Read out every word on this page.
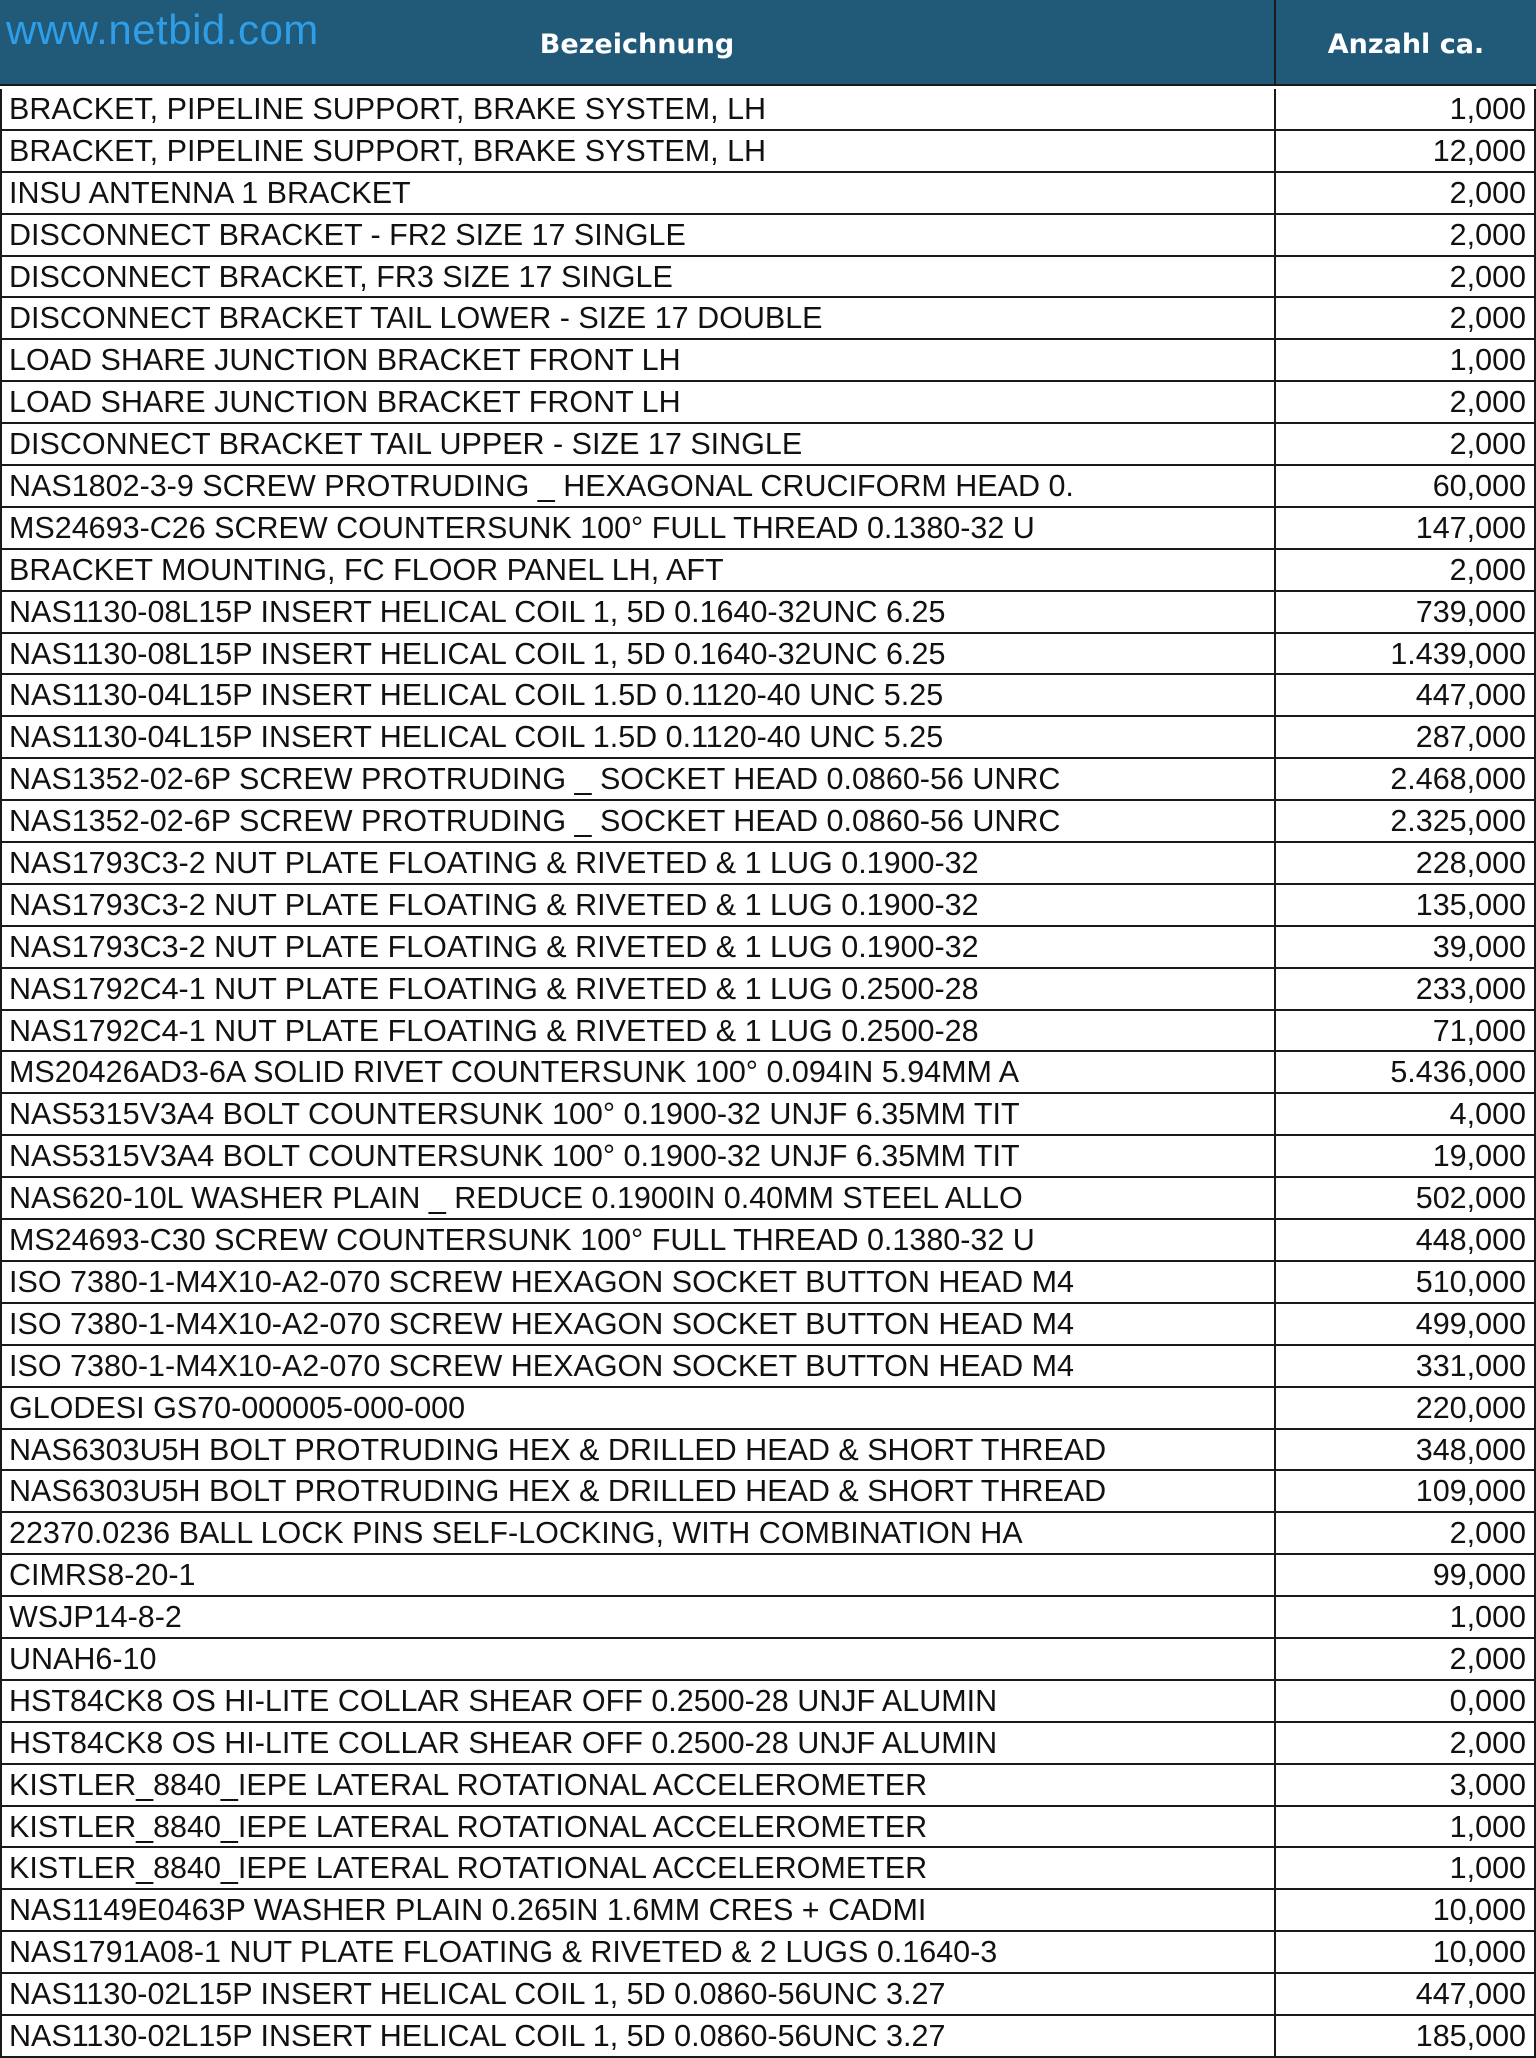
Bezeichnung	Anzahl ca.
www.netbid.com
BRACKET, PIPELINE SUPPORT, BRAKE SYSTEM, LH	1,000
BRACKET, PIPELINE SUPPORT, BRAKE SYSTEM, LH	12,000
INSU ANTENNA 1 BRACKET	2,000
DISCONNECT BRACKET - FR2 SIZE 17 SINGLE	2,000
DISCONNECT BRACKET, FR3 SIZE 17 SINGLE	2,000
DISCONNECT BRACKET TAIL LOWER - SIZE 17 DOUBLE	2,000
LOAD SHARE JUNCTION BRACKET FRONT LH	1,000
LOAD SHARE JUNCTION BRACKET FRONT LH	2,000
DISCONNECT BRACKET TAIL UPPER - SIZE 17 SINGLE	2,000
NAS1802-3-9 SCREW PROTRUDING _ HEXAGONAL CRUCIFORM HEAD 0.	60,000
MS24693-C26 SCREW COUNTERSUNK 100° FULL THREAD 0.1380-32 U	147,000
BRACKET MOUNTING, FC FLOOR PANEL LH, AFT	2,000
NAS1130-08L15P INSERT HELICAL COIL 1, 5D 0.1640-32UNC 6.25	739,000
NAS1130-08L15P INSERT HELICAL COIL 1, 5D 0.1640-32UNC 6.25	1.439,000
NAS1130-04L15P INSERT HELICAL COIL 1.5D 0.1120-40 UNC 5.25	447,000
NAS1130-04L15P INSERT HELICAL COIL 1.5D 0.1120-40 UNC 5.25	287,000
NAS1352-02-6P SCREW PROTRUDING _ SOCKET HEAD 0.0860-56 UNRC	2.468,000
NAS1352-02-6P SCREW PROTRUDING _ SOCKET HEAD 0.0860-56 UNRC	2.325,000
NAS1793C3-2 NUT PLATE FLOATING & RIVETED & 1 LUG 0.1900-32	228,000
NAS1793C3-2 NUT PLATE FLOATING & RIVETED & 1 LUG 0.1900-32	135,000
NAS1793C3-2 NUT PLATE FLOATING & RIVETED & 1 LUG 0.1900-32	39,000
NAS1792C4-1 NUT PLATE FLOATING & RIVETED & 1 LUG 0.2500-28	233,000
NAS1792C4-1 NUT PLATE FLOATING & RIVETED & 1 LUG 0.2500-28	71,000
MS20426AD3-6A SOLID RIVET COUNTERSUNK 100° 0.094IN 5.94MM A	5.436,000
NAS5315V3A4 BOLT COUNTERSUNK 100° 0.1900-32 UNJF 6.35MM TIT	4,000
NAS5315V3A4 BOLT COUNTERSUNK 100° 0.1900-32 UNJF 6.35MM TIT	19,000
NAS620-10L WASHER PLAIN _ REDUCE 0.1900IN 0.40MM STEEL ALLO	502,000
MS24693-C30 SCREW COUNTERSUNK 100° FULL THREAD 0.1380-32 U	448,000
ISO 7380-1-M4X10-A2-070 SCREW HEXAGON SOCKET BUTTON HEAD M4	510,000
ISO 7380-1-M4X10-A2-070 SCREW HEXAGON SOCKET BUTTON HEAD M4	499,000
ISO 7380-1-M4X10-A2-070 SCREW HEXAGON SOCKET BUTTON HEAD M4	331,000
GLODESI GS70-000005-000-000	220,000
NAS6303U5H BOLT PROTRUDING HEX & DRILLED HEAD & SHORT THREAD	348,000
NAS6303U5H BOLT PROTRUDING HEX & DRILLED HEAD & SHORT THREAD	109,000
22370.0236 BALL LOCK PINS SELF-LOCKING, WITH COMBINATION HA	2,000
CIMRS8-20-1	99,000
WSJP14-8-2	1,000
UNAH6-10	2,000
HST84CK8 OS HI-LITE COLLAR SHEAR OFF 0.2500-28 UNJF ALUMIN	0,000
HST84CK8 OS HI-LITE COLLAR SHEAR OFF 0.2500-28 UNJF ALUMIN	2,000
KISTLER_8840_IEPE LATERAL ROTATIONAL ACCELEROMETER	3,000
KISTLER_8840_IEPE LATERAL ROTATIONAL ACCELEROMETER	1,000
KISTLER_8840_IEPE LATERAL ROTATIONAL ACCELEROMETER	1,000
NAS1149E0463P WASHER PLAIN 0.265IN 1.6MM CRES + CADMI	10,000
NAS1791A08-1 NUT PLATE FLOATING & RIVETED & 2 LUGS 0.1640-3	10,000
NAS1130-02L15P INSERT HELICAL COIL 1, 5D 0.0860-56UNC 3.27	447,000
NAS1130-02L15P INSERT HELICAL COIL 1, 5D 0.0860-56UNC 3.27	185,000
